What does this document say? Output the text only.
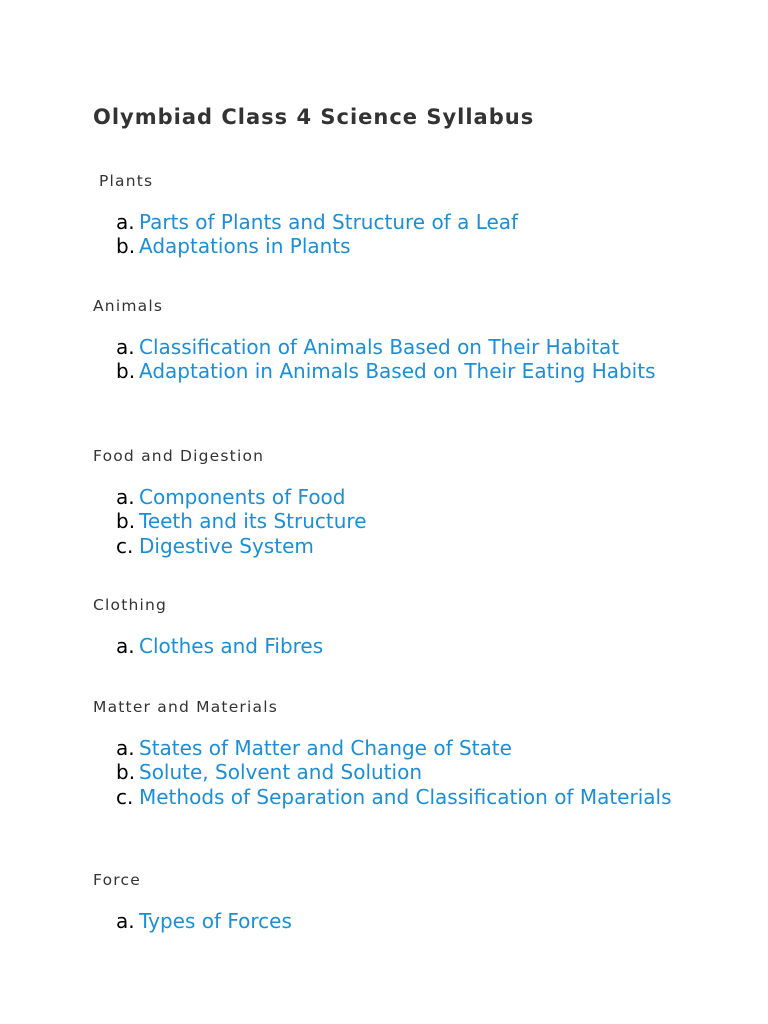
Olymbiad Class 4 Science Syllabus
Plants
a. Parts of Plants and Structure of a Leaf
b. Adaptations in Plants
Animals
a. Classification of Animals Based on Their Habitat
b. Adaptation in Animals Based on Their Eating Habits
Food and Digestion
a. Components of Food
b. Teeth and its Structure
c. Digestive System
Clothing
a. Clothes and Fibres
Matter and Materials
a. States of Matter and Change of State
b. Solute, Solvent and Solution
c. Methods of Separation and Classification of Materials
Force
a. Types of Forces
